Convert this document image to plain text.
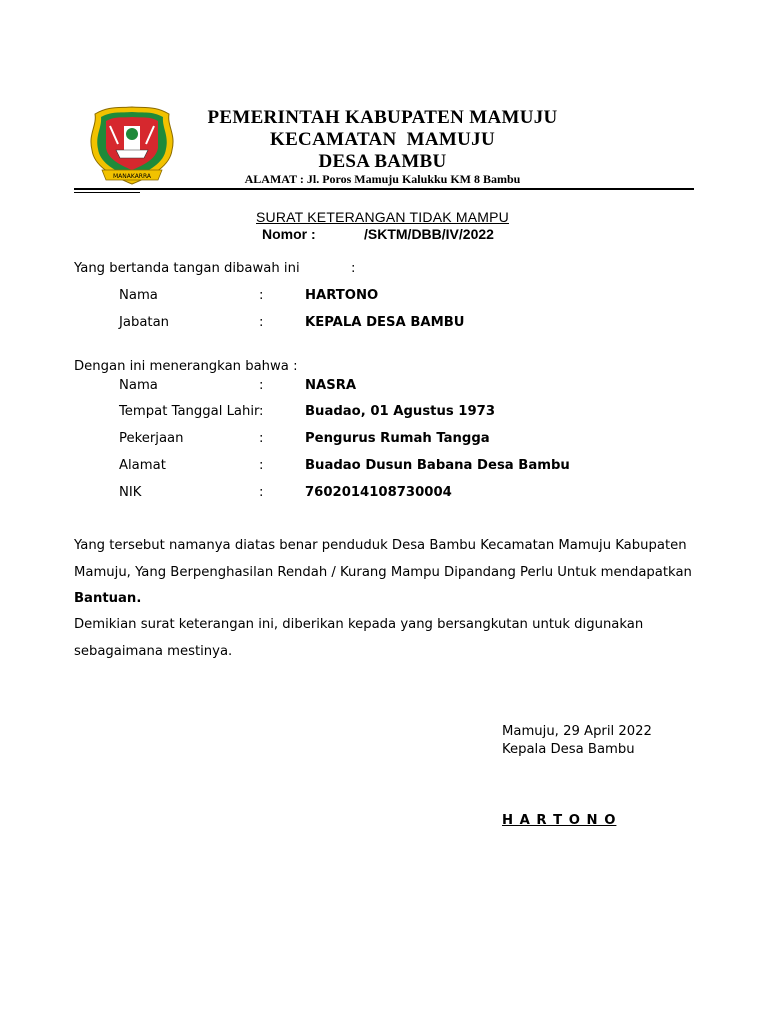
MANAKARRA
PEMERINTAH KABUPATEN MAMUJU
KECAMATAN  MAMUJU
DESA BAMBU
ALAMAT : Jl. Poros Mamuju Kalukku KM 8 Bambu
SURAT KETERANGAN TIDAK MAMPU
Nomor :	/SKTM/DBB/IV/2022
Yang bertanda tangan dibawah ini	:
Nama	:	HARTONO
Jabatan	:	KEPALA DESA BAMBU
Dengan ini menerangkan bahwa :
Nama	:	NASRA
Tempat Tanggal Lahir :	Buadao, 01 Agustus 1973
Pekerjaan	:	Pengurus Rumah Tangga
Alamat	:	Buadao Dusun Babana Desa Bambu
NIK	:	7602014108730004
Yang tersebut namanya diatas benar penduduk Desa Bambu Kecamatan Mamuju Kabupaten
Mamuju, Yang Berpenghasilan Rendah / Kurang Mampu Dipandang Perlu Untuk mendapatkan
Bantuan.
Demikian surat keterangan ini, diberikan kepada yang bersangkutan untuk digunakan
sebagaimana mestinya.
Mamuju, 29 April 2022
Kepala Desa Bambu
H A R T O N O
